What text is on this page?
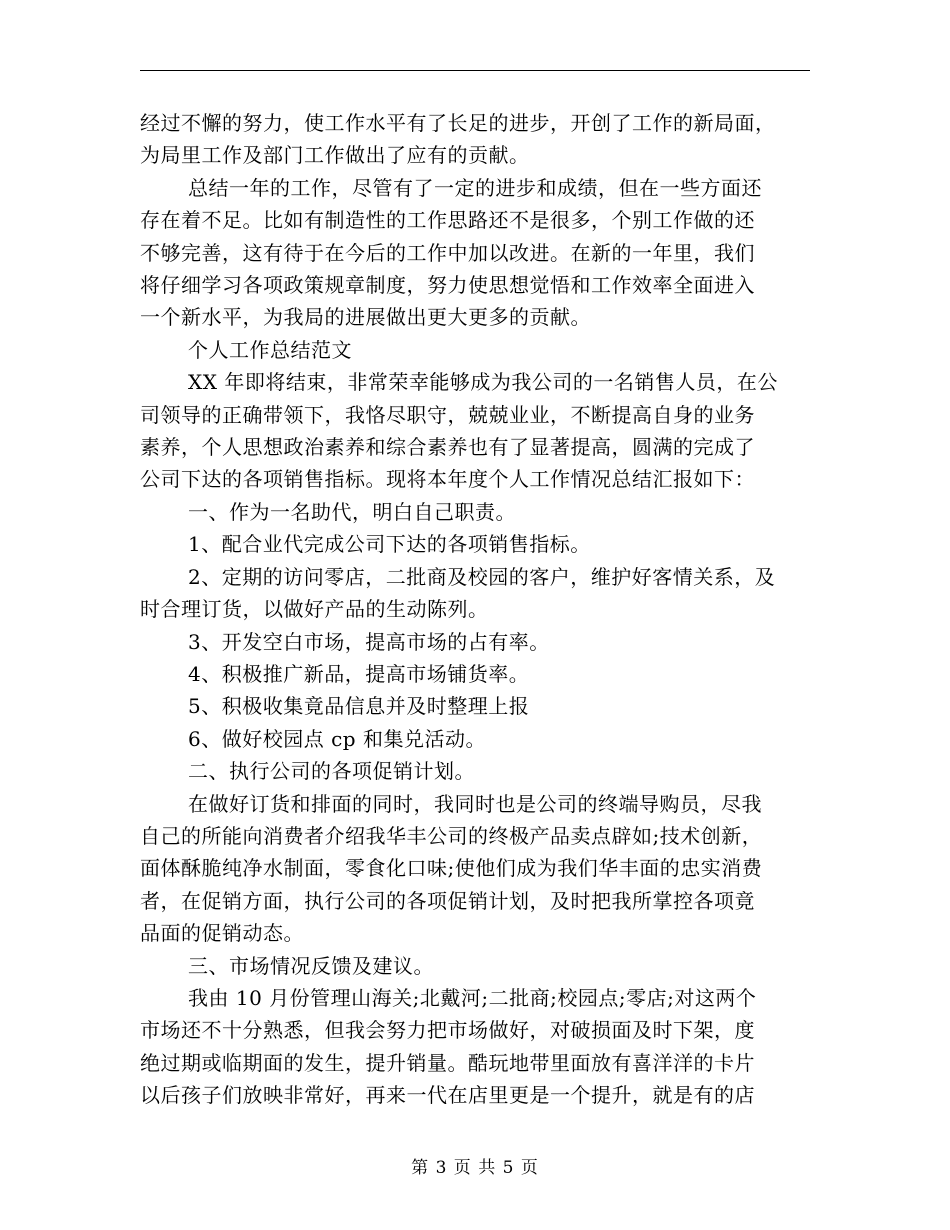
经过不懈的努力，使工作水平有了长足的进步，开创了工作的新局面，
为局里工作及部门工作做出了应有的贡献。

总结一年的工作，尽管有了一定的进步和成绩，但在一些方面还
存在着不足。比如有制造性的工作思路还不是很多，个别工作做的还
不够完善，这有待于在今后的工作中加以改进。在新的一年里，我们
将仔细学习各项政策规章制度，努力使思想觉悟和工作效率全面进入
一个新水平，为我局的进展做出更大更多的贡献。

个人工作总结范文

XX 年即将结束，非常荣幸能够成为我公司的一名销售人员，在公
司领导的正确带领下，我恪尽职守，兢兢业业，不断提高自身的业务
素养，个人思想政治素养和综合素养也有了显著提高，圆满的完成了
公司下达的各项销售指标。现将本年度个人工作情况总结汇报如下：

一、作为一名助代，明白自己职责。

1、配合业代完成公司下达的各项销售指标。

2、定期的访问零店，二批商及校园的客户，维护好客情关系，及
时合理订货，以做好产品的生动陈列。

3、开发空白市场，提高市场的占有率。

4、积极推广新品，提高市场铺货率。

5、积极收集竟品信息并及时整理上报

6、做好校园点 cp 和集兑活动。

二、执行公司的各项促销计划。

在做好订货和排面的同时，我同时也是公司的终端导购员，尽我
自己的所能向消费者介绍我华丰公司的终极产品卖点辟如;技术创新，
面体酥脆纯净水制面，零食化口味;使他们成为我们华丰面的忠实消费
者，在促销方面，执行公司的各项促销计划，及时把我所掌控各项竟
品面的促销动态。

三、市场情况反馈及建议。

我由 10 月份管理山海关;北戴河;二批商;校园点;零店;对这两个
市场还不十分熟悉，但我会努力把市场做好，对破损面及时下架，度
绝过期或临期面的发生，提升销量。酷玩地带里面放有喜洋洋的卡片
以后孩子们放映非常好，再来一代在店里更是一个提升，就是有的店

第 3 页 共 5 页
